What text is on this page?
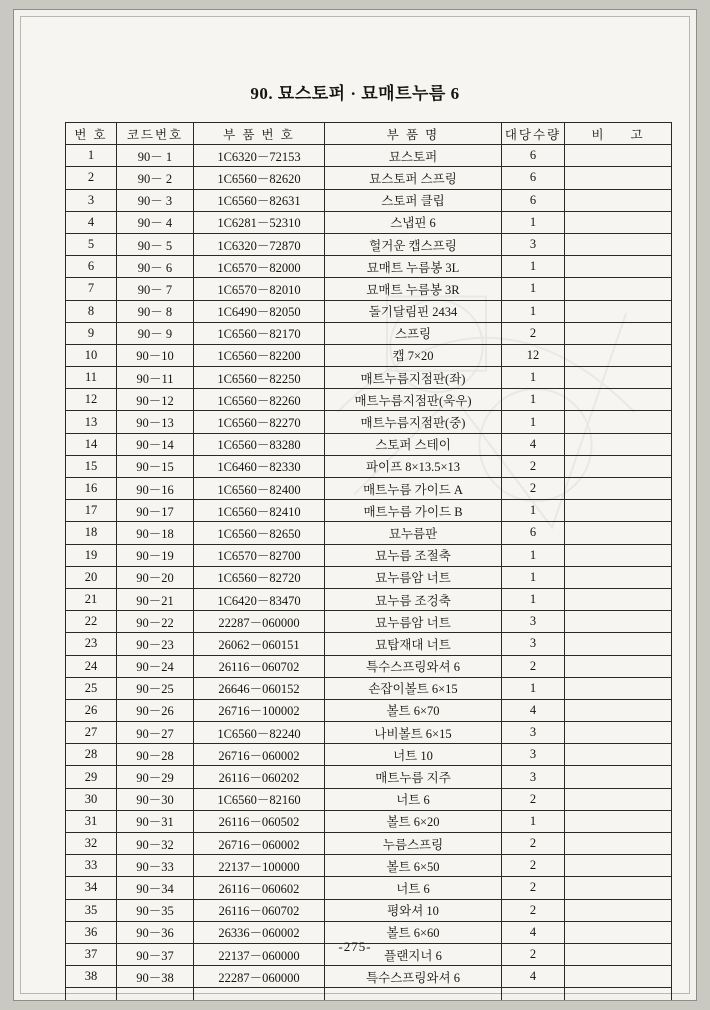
90. 묘스토퍼 · 묘매트누름 6
번 호	코드번호	부 품 번 호	부 품 명	대당수량	비 고

1	90－ 1	1C6320－72153	묘스토퍼	6	
2	90－ 2	1C6560－82620	묘스토퍼 스프링	6	
3	90－ 3	1C6560－82631	스토퍼 클립	6	
4	90－ 4	1C6281－52310	스냅핀 6	1	
5	90－ 5	1C6320－72870	헐거운 캡스프링	3	
6	90－ 6	1C6570－82000	묘매트 누름봉 3L	1	
7	90－ 7	1C6570－82010	묘매트 누름봉 3R	1	
8	90－ 8	1C6490－82050	돌기달림핀 2434	1	
9	90－ 9	1C6560－82170	스프링	2	
10	90－10	1C6560－82200	캡 7×20	12	
11	90－11	1C6560－82250	매트누름지점판(좌)	1	
12	90－12	1C6560－82260	매트누름지점판(욱우)	1	
13	90－13	1C6560－82270	매트누름지점판(중)	1	
14	90－14	1C6560－83280	스토퍼 스테이	4	
15	90－15	1C6460－82330	파이프 8×13.5×13	2	
16	90－16	1C6560－82400	매트누름 가이드 A	2	
17	90－17	1C6560－82410	매트누름 가이드 B	1	
18	90－18	1C6560－82650	묘누름판	6	
19	90－19	1C6570－82700	묘누름 조절축	1	
20	90－20	1C6560－82720	묘누름암 너트	1	
21	90－21	1C6420－83470	묘누름 조겅축	1	
22	90－22	22287－060000	묘누름암 너트	3	
23	90－23	26062－060151	묘탑재대 너트	3	
24	90－24	26116－060702	특수스프링와셔 6	2	
25	90－25	26646－060152	손잡이볼트 6×15	1	
26	90－26	26716－100002	볼트 6×70	4	
27	90－27	1C6560－82240	나비볼트 6×15	3	
28	90－28	26716－060002	너트 10	3	
29	90－29	26116－060202	매트누름 지주	3	
30	90－30	1C6560－82160	너트 6	2	
31	90－31	26116－060502	볼트 6×20	1	
32	90－32	26716－060002	누름스프링	2	
33	90－33	22137－100000	볼트 6×50	2	
34	90－34	26116－060602	너트 6	2	
35	90－35	26116－060702	평와셔 10	2	
36	90－36	26336－060002	볼트 6×60	4	
37	90－37	22137－060000	플랜지너 6	2	
38	90－38	22287－060000	특수스프링와셔 6	4	

-275-
